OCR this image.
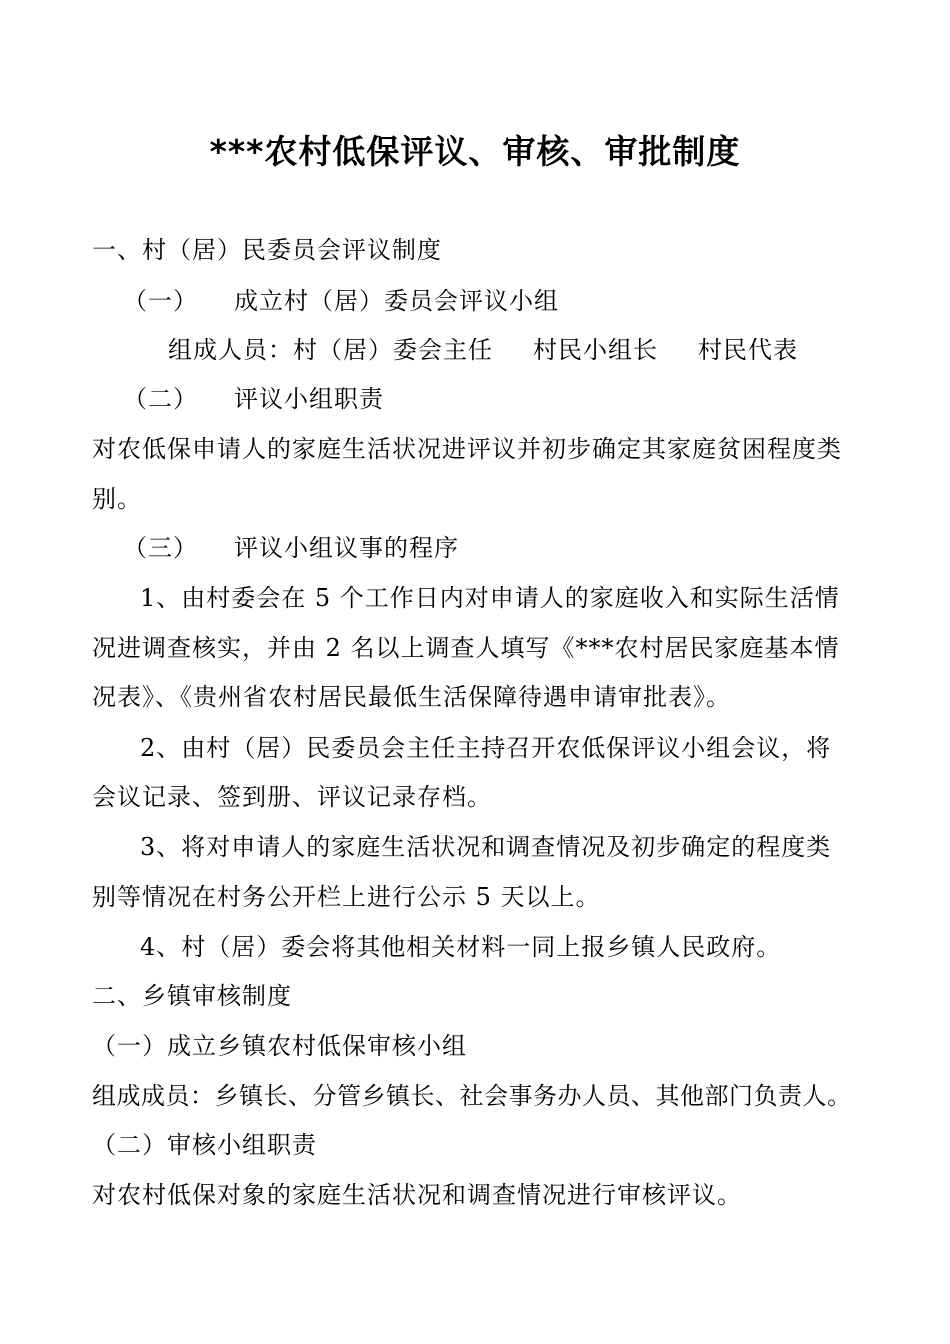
***农村低保评议、审核、审批制度
一、村（居）民委员会评议制度
（一） 成立村（居）委员会评议小组
组成人员：村（居）委会主任 村民小组长 村民代表
（二） 评议小组职责
对农低保申请人的家庭生活状况进评议并初步确定其家庭贫困程度类
别。
（三） 评议小组议事的程序
1、由村委会在 5 个工作日内对申请人的家庭收入和实际生活情
况进调查核实，并由 2 名以上调查人填写《***农村居民家庭基本情
况表》、《贵州省农村居民最低生活保障待遇申请审批表》。
2、由村（居）民委员会主任主持召开农低保评议小组会议，将
会议记录、签到册、评议记录存档。
3、将对申请人的家庭生活状况和调查情况及初步确定的程度类
别等情况在村务公开栏上进行公示 5 天以上。
4、村（居）委会将其他相关材料一同上报乡镇人民政府。
二、乡镇审核制度
（一）成立乡镇农村低保审核小组
组成成员：乡镇长、分管乡镇长、社会事务办人员、其他部门负责人。
（二）审核小组职责
对农村低保对象的家庭生活状况和调查情况进行审核评议。
